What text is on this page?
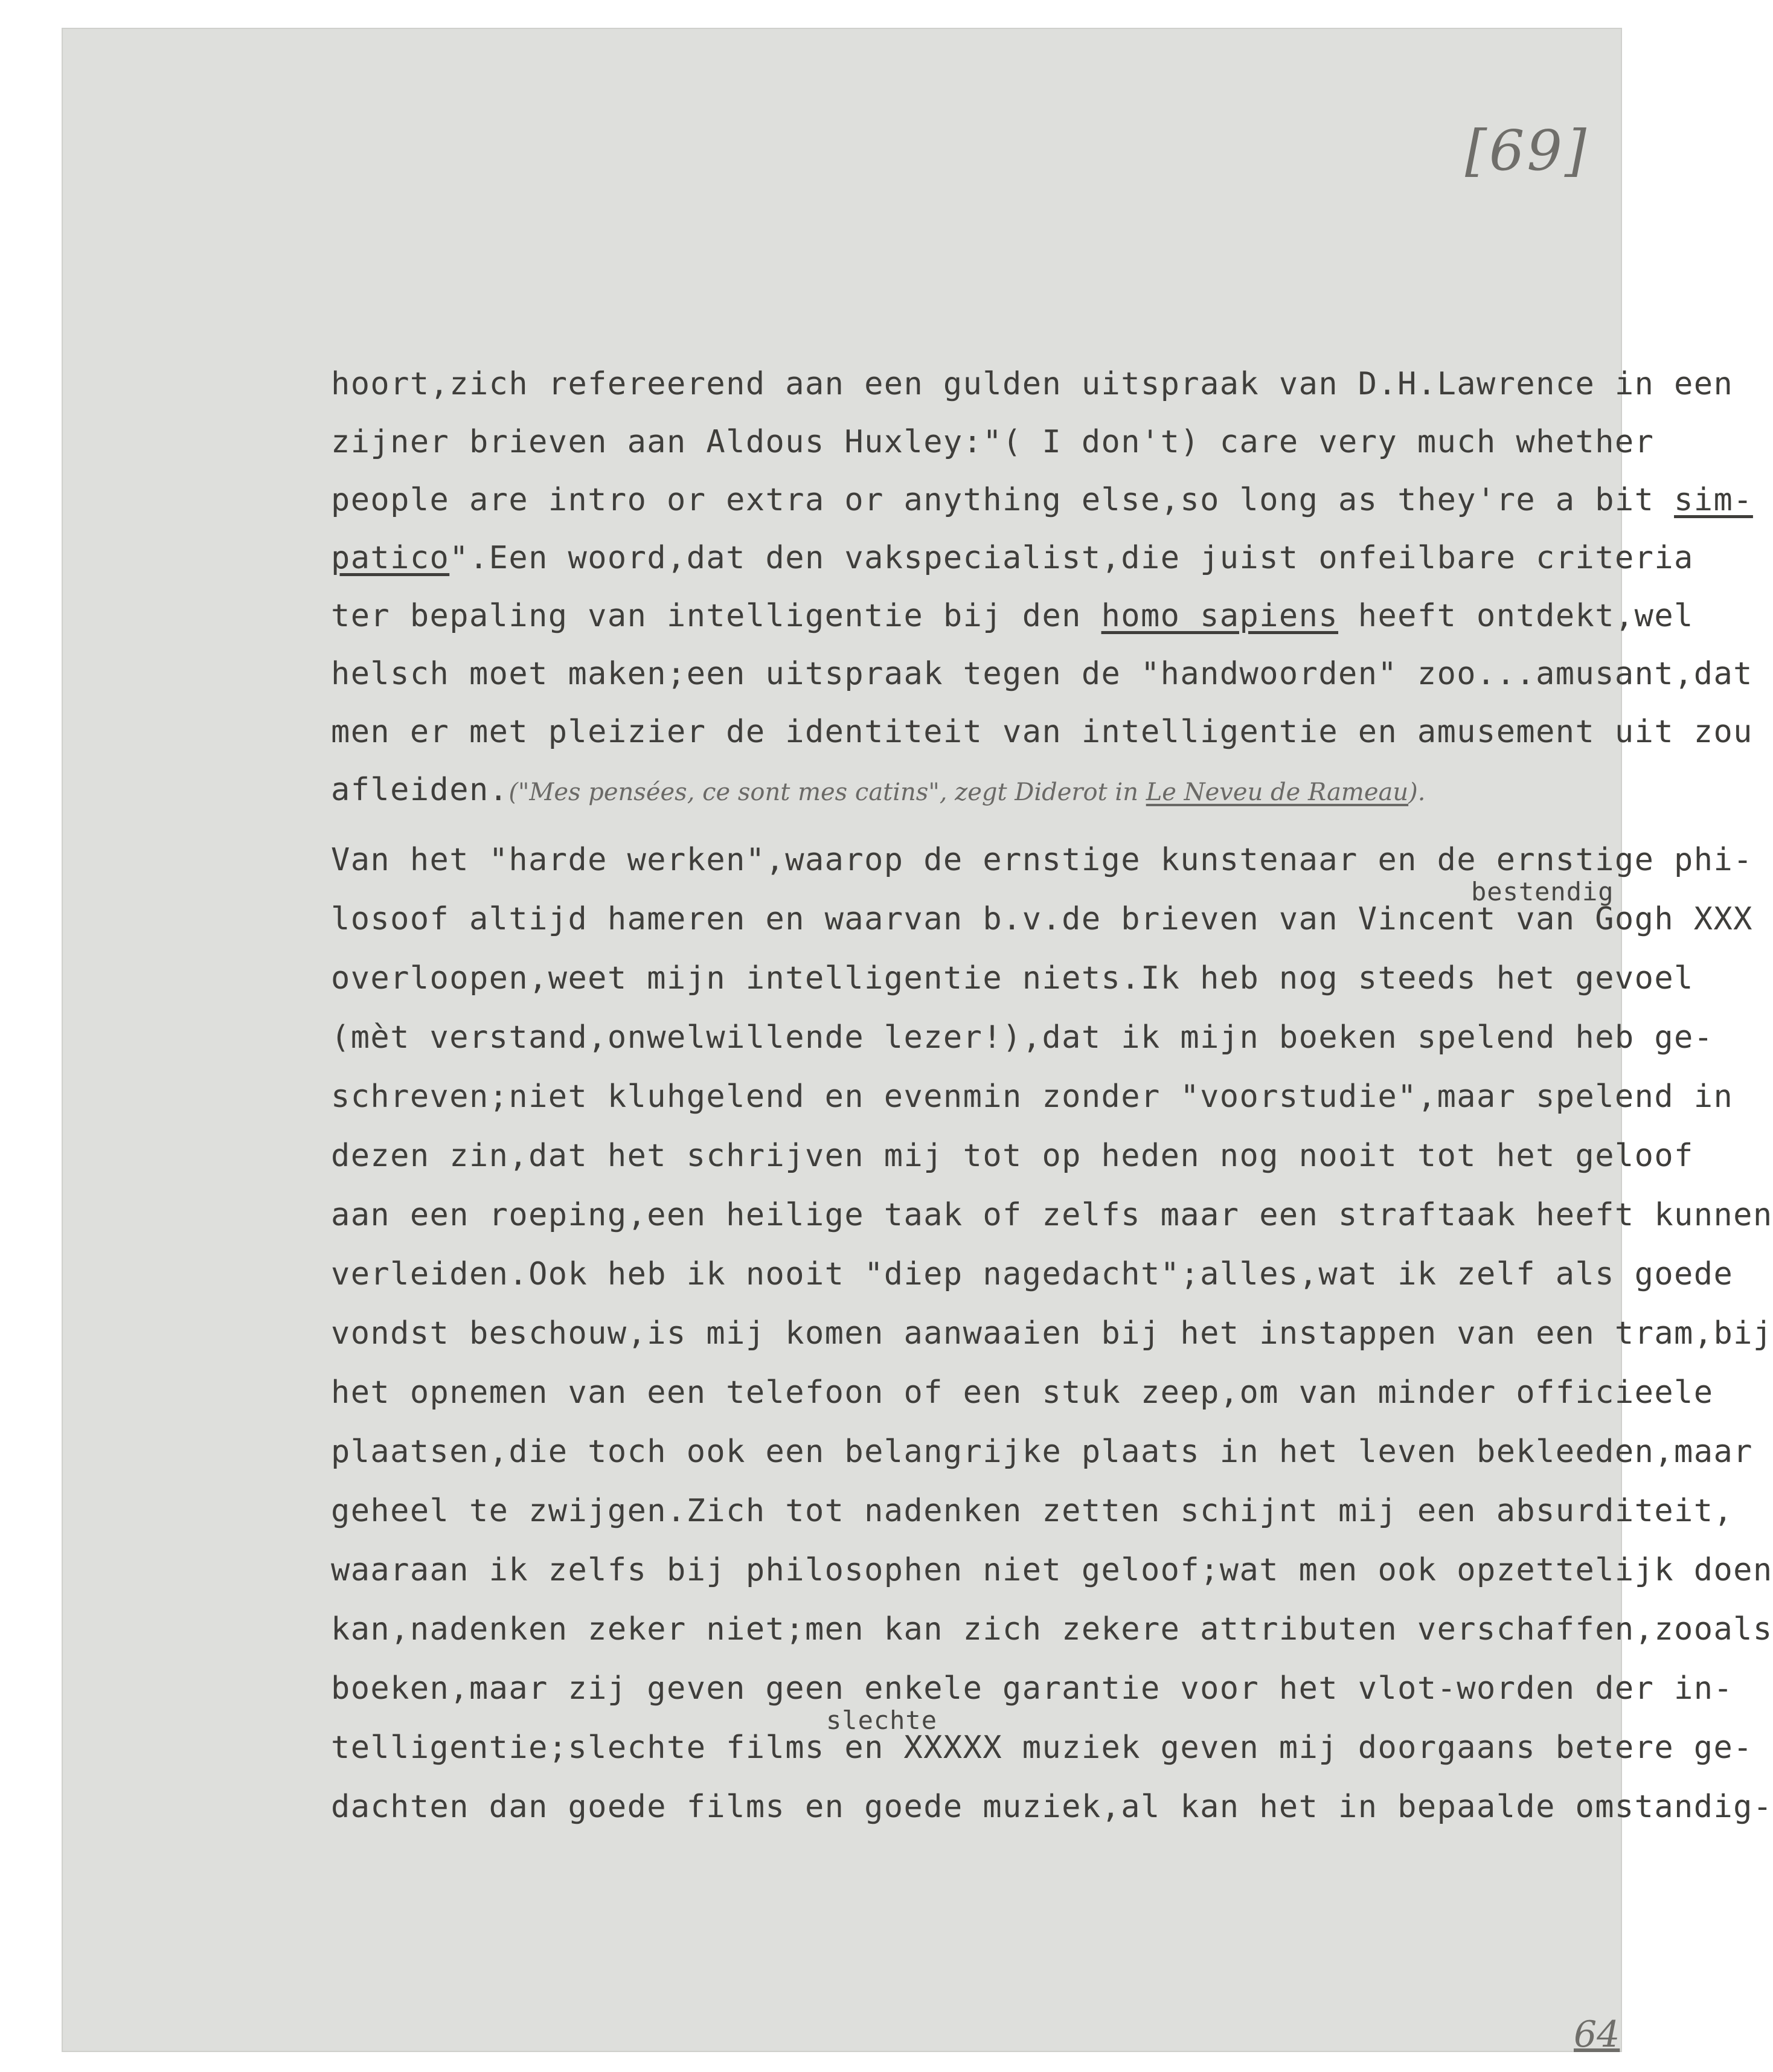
[69]
hoort,zich refereerend aan een gulden uitspraak van D.H.Lawrence in een
zijner brieven aan Aldous Huxley:"( I don't) care very much whether
people are intro or extra or anything else,so long as they're a bit sim-
patico".Een woord,dat den vakspecialist,die juist onfeilbare criteria
ter bepaling van intelligentie bij den homo sapiens heeft ontdekt,wel
helsch moet maken;een uitspraak tegen de "handwoorden" zoo...amusant,dat
men er met pleizier de identiteit van intelligentie en amusement uit zou
afleiden.("Mes pensées, ce sont mes catins", zegt Diderot in Le Neveu de Rameau).
Van het "harde werken",waarop de ernstige kunstenaar en de ernstige phi-
bestendig
losoof altijd hameren en waarvan b.v.de brieven van Vincent van Gogh XXX
overloopen,weet mijn intelligentie niets.Ik heb nog steeds het gevoel
(mèt verstand,onwelwillende lezer!),dat ik mijn boeken spelend heb ge-
schreven;niet kluhgelend en evenmin zonder "voorstudie",maar spelend in
dezen zin,dat het schrijven mij tot op heden nog nooit tot het geloof
aan een roeping,een heilige taak of zelfs maar een straftaak heeft kunnen
verleiden.Ook heb ik nooit "diep nagedacht";alles,wat ik zelf als goede
vondst beschouw,is mij komen aanwaaien bij het instappen van een tram,bij
het opnemen van een telefoon of een stuk zeep,om van minder officieele
plaatsen,die toch ook een belangrijke plaats in het leven bekleeden,maar
geheel te zwijgen.Zich tot nadenken zetten schijnt mij een absurditeit,
waaraan ik zelfs bij philosophen niet geloof;wat men ook opzettelijk doen
kan,nadenken zeker niet;men kan zich zekere attributen verschaffen,zooals
boeken,maar zij geven geen enkele garantie voor het vlot-worden der in-
slechte
telligentie;slechte films en XXXXX muziek geven mij doorgaans betere ge-
dachten dan goede films en goede muziek,al kan het in bepaalde omstandig-
64
